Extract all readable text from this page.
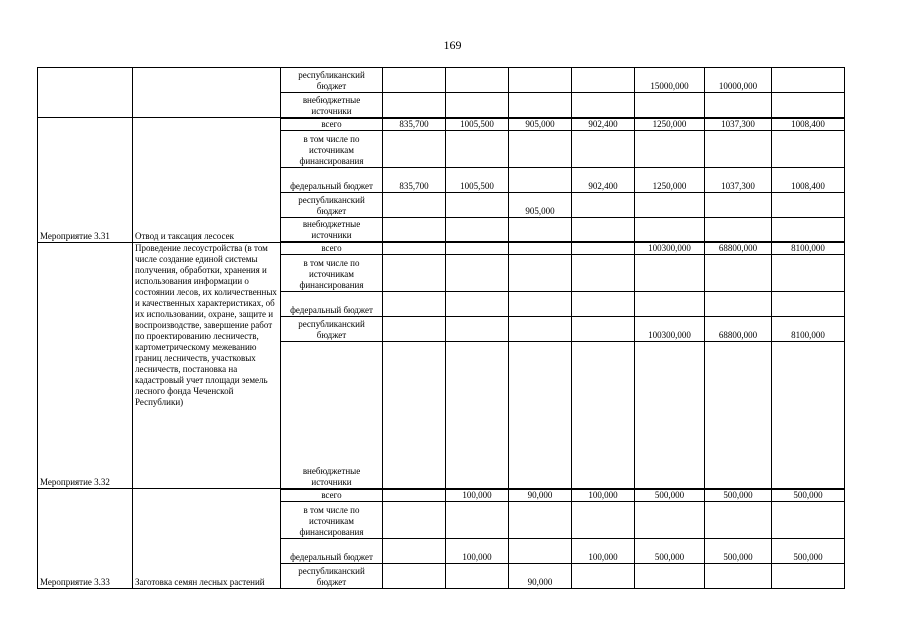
169
		республиканский бюджет					15000,000	10000,000	
		внебюджетные источники							
Мероприятие 3.31	Отвод и таксация лесосек	всего	835,700	1005,500	905,000	902,400	1250,000	1037,300	1008,400
		в том числе по источникам финансирования							
		федеральный бюджет	835,700	1005,500		902,400	1250,000	1037,300	1008,400
		республиканский бюджет			905,000				
		внебюджетные источники							
Мероприятие 3.32	Проведение лесоустройства (в том числе создание единой системы получения, обработки, хранения и использования информации о состоянии лесов, их количественных и качественных характеристиках, об их использовании, охране, защите и воспроизводстве, завершение работ по проектированию лесничеств, картометрическому межеванию границ лесничеств, участковых лесничеств, постановка на кадастровый учет площади земель лесного фонда Чеченской Республики)	всего					100300,000	68800,000	8100,000
		в том числе по источникам финансирования							
		федеральный бюджет							
		республиканский бюджет					100300,000	68800,000	8100,000
		внебюджетные источники							
Мероприятие 3.33	Заготовка семян лесных растений	всего		100,000	90,000	100,000	500,000	500,000	500,000
		в том числе по источникам финансирования							
		федеральный бюджет		100,000		100,000	500,000	500,000	500,000
		республиканский бюджет			90,000				
